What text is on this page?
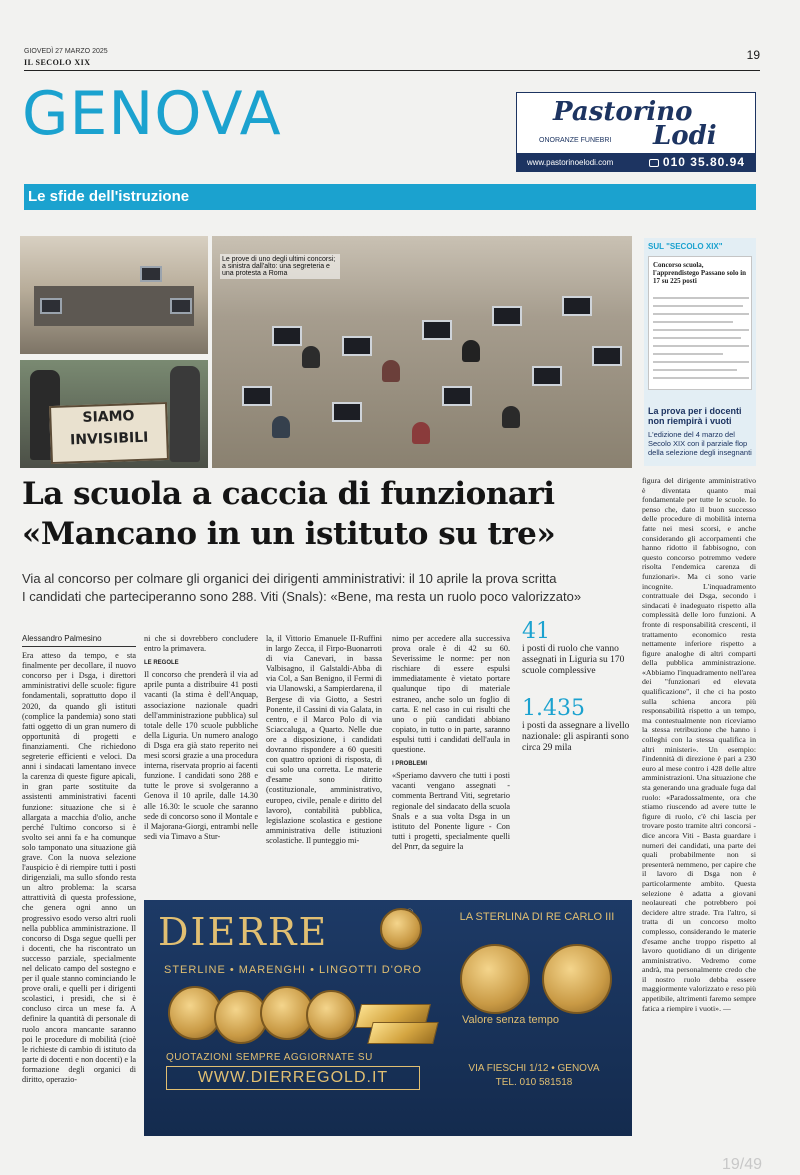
GIOVEDÌ 27 MARZO 2025
IL SECOLO XIX
19
GENOVA	Pastorino
Lodi
ONORANZE FUNEBRI
www.pastorinoelodi.com	010 35.80.94
Le sfide dell'istruzione
SIAMO
INVISIBILI
Le prove di uno degli ultimi concorsi; a sinistra dall'alto: una segreteria e una protesta a Roma
SUL "SECOLO XIX"
Concorso scuola, l'apprendistego Passano solo in 17 su 225 posti
La prova per i docenti non riempirà i vuoti
L'edizione del 4 marzo del Secolo XIX con il parziale flop della selezione degli insegnanti
La scuola a caccia di funzionari
«Mancano in un istituto su tre»
Via al concorso per colmare gli organici dei dirigenti amministrativi: il 10 aprile la prova scritta
I candidati che parteciperanno sono 288. Viti (Snals): «Bene, ma resta un ruolo poco valorizzato»
Alessandro Palmesino

Era atteso da tempo, e sta finalmente per decollare, il nuovo concorso per i Dsga, i direttori amministrativi delle scuole: figure fondamentali, soprattutto dopo il 2020, da quando gli istituti (complice la pandemia) sono stati fatti oggetto di un gran numero di opportunità di progetti e finanziamenti. Che richiedono segreterie efficienti e veloci. Da anni i sindacati lamentano invece la carenza di queste figure apicali, in gran parte sostituite da assistenti amministrativi facenti funzione: situazione che si è allargata a macchia d'olio, anche perché l'ultimo concorso si è svolto sei anni fa e ha comunque solo tamponato una situazione già grave. Con la nuova selezione l'auspicio è di riempire tutti i posti dirigenziali, ma sullo sfondo resta un altro problema: la scarsa attrattività di questa professione, che genera ogni anno un progressivo esodo verso altri ruoli nella pubblica amministrazione. Il concorso di Dsga segue quelli per i docenti, che ha riscontrato un successo parziale, specialmente nel delicato campo del sostegno e per il quale stanno cominciando le prove orali, e quelli per i dirigenti scolastici, i presidi, che si è concluso circa un mese fa. A definire la quantità di personale di ruolo ancora mancante saranno poi le procedure di mobilità (cioè le richieste di cambio di istituto da parte di docenti e non docenti) e la formazione degli organici di diritto, operazio-

ni che si dovrebbero concludere entro la primavera.

LE REGOLE

Il concorso che prenderà il via ad aprile punta a distribuire 41 posti vacanti (la stima è dell'Anquap, associazione nazionale quadri dell'amministrazione pubblica) sul totale delle 170 scuole pubbliche della Liguria. Un numero analogo di Dsga era già stato reperito nei mesi scorsi grazie a una procedura interna, riservata proprio ai facenti funzione. I candidati sono 288 e tutte le prove si svolgeranno a Genova il 10 aprile, dalle 14.30 alle 16.30: le scuole che saranno sede di concorso sono il Montale e il Majorana-Giorgi, entrambi nelle sedi via Timavo a Stur-

la, il Vittorio Emanuele II-Ruffini in largo Zecca, il Firpo-Buonarroti di via Canevari, in bassa Valbisagno, il Galstaldi-Abba di via Col, a San Benigno, il Fermi di via Ulanowski, a Sampierdarena, il Bergese di via Giotto, a Sestri Ponente, il Cassini di via Galata, in centro, e il Marco Polo di via Sciaccaluga, a Quarto. Nelle due ore a disposizione, i candidati dovranno rispondere a 60 quesiti con quattro opzioni di risposta, di cui solo una corretta. Le materie d'esame sono diritto (costituzionale, amministrativo, europeo, civile, penale e diritto del lavoro), contabilità pubblica, legislazione scolastica e gestione amministrativa delle istituzioni scolastiche. Il punteggio mi-

nimo per accedere alla successiva prova orale è di 42 su 60. Severissime le norme: per non rischiare di essere espulsi immediatamente è vietato portare qualunque tipo di materiale estraneo, anche solo un foglio di carta. E nel caso in cui risulti che uno o più candidati abbiano copiato, in tutto o in parte, saranno espulsi tutti i candidati dell'aula in questione.

I PROBLEMI

«Speriamo davvero che tutti i posti vacanti vengano assegnati - commenta Bertrand Viti, segretario regionale del sindacato della scuola Snals e a sua volta Dsga in un istituto del Ponente ligure - Con tutti i progetti, specialmente quelli del Pnrr, da seguire la

41
i posti di ruolo che vanno assegnati in Liguria su 170 scuole complessive
1.435
i posti da assegnare a livello nazionale: gli aspiranti sono circa 29 mila
figura del dirigente amministrativo è diventata quanto mai fondamentale per tutte le scuole. Io penso che, dato il buon successo delle procedure di mobilità interna fatte nei mesi scorsi, e anche considerando gli accorpamenti che hanno ridotto il fabbisogno, con questo concorso potremmo vedere risolta l'endemica carenza di funzionari». Ma ci sono varie incognite. L'inquadramento contrattuale dei Dsga, secondo i sindacati è inadeguato rispetto alla complessità delle loro funzioni. A fronte di responsabilità crescenti, il trattamento economico resta nettamente inferiore rispetto a figure analoghe di altri comparti della pubblica amministrazione. «Abbiamo l'inquadramento nell'area dei "funzionari ed elevata qualificazione", il che ci ha posto sulla schiena ancora più responsabilità rispetto a un tempo, ma contestualmente non riceviamo la stessa retribuzione che hanno i colleghi con la stessa qualifica in altri ministeri». Un esempio: l'indennità di direzione è pari a 230 euro al mese contro i 428 delle altre amministrazioni. Una situazione che sta generando una graduale fuga dal ruolo: «Paradossalmente, ora che stiamo riuscendo ad avere tutte le figure di ruolo, c'è chi lascia per trovare posto tramite altri concorsi - dice ancora Viti - Basta guardare i numeri dei candidati, una parte dei quali probabilmente non si presenterà nemmeno, per capire che il lavoro di Dsga non è particolarmente ambito. Questa selezione è adatta a giovani neolaureati che potrebbero poi decidere altre strade. Tra l'altro, si tratta di un concorso molto complesso, considerando le materie d'esame anche troppo rispetto al lavoro quotidiano di un dirigente amministrativo. Vedremo come andrà, ma personalmente credo che il nostro ruolo debba essere maggiormente valorizzato e reso più appetibile, altrimenti faremo sempre fatica a riempire i vuoti». —
DIERRE
STERLINE • MARENGHI • LINGOTTI D'ORO
LA STERLINA DI RE CARLO III
Valore senza tempo
QUOTAZIONI SEMPRE AGGIORNATE SU
WWW.DIERREGOLD.IT
VIA FIESCHI 1/12 • GENOVA
TEL. 010 581518
19/49
